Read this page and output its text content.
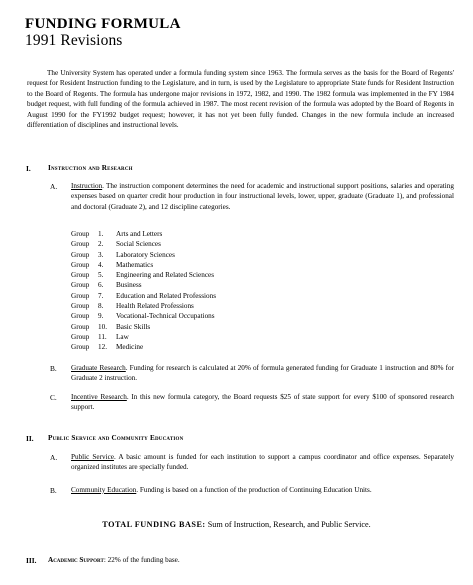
FUNDING FORMULA
1991 Revisions
The University System has operated under a formula funding system since 1963. The formula serves as the basis for the Board of Regents' request for Resident Instruction funding to the Legislature, and in turn, is used by the Legislature to appropriate State funds for Resident Instruction to the Board of Regents. The formula has undergone major revisions in 1972, 1982, and 1990. The 1982 formula was implemented in the FY 1984 budget request, with full funding of the formula achieved in 1987. The most recent revision of the formula was adopted by the Board of Regents in August 1990 for the FY1992 budget request; however, it has not yet been fully funded. Changes in the new formula include an increased differentiation of disciplines and instructional levels.
I. Instruction and Research
A. Instruction. The instruction component determines the need for academic and instructional support positions, salaries and operating expenses based on quarter credit hour production in four instructional levels, lower, upper, graduate (Graduate 1), and professional and doctoral (Graduate 2), and 12 discipline categories.
Group 1. Arts and Letters
Group 2. Social Sciences
Group 3. Laboratory Sciences
Group 4. Mathematics
Group 5. Engineering and Related Sciences
Group 6. Business
Group 7. Education and Related Professions
Group 8. Health Related Professions
Group 9. Vocational-Technical Occupations
Group 10. Basic Skills
Group 11. Law
Group 12. Medicine
B. Graduate Research. Funding for research is calculated at 20% of formula generated funding for Graduate 1 instruction and 80% for Graduate 2 instruction.
C. Incentive Research. In this new formula category, the Board requests $25 of state support for every $100 of sponsored research support.
II. Public Service and Community Education
A. Public Service. A basic amount is funded for each institution to support a campus coordinator and office expenses. Separately organized institutes are specially funded.
B. Community Education. Funding is based on a function of the production of Continuing Education Units.
TOTAL FUNDING BASE: Sum of Instruction, Research, and Public Service.
III. Academic Support: 22% of the funding base.
